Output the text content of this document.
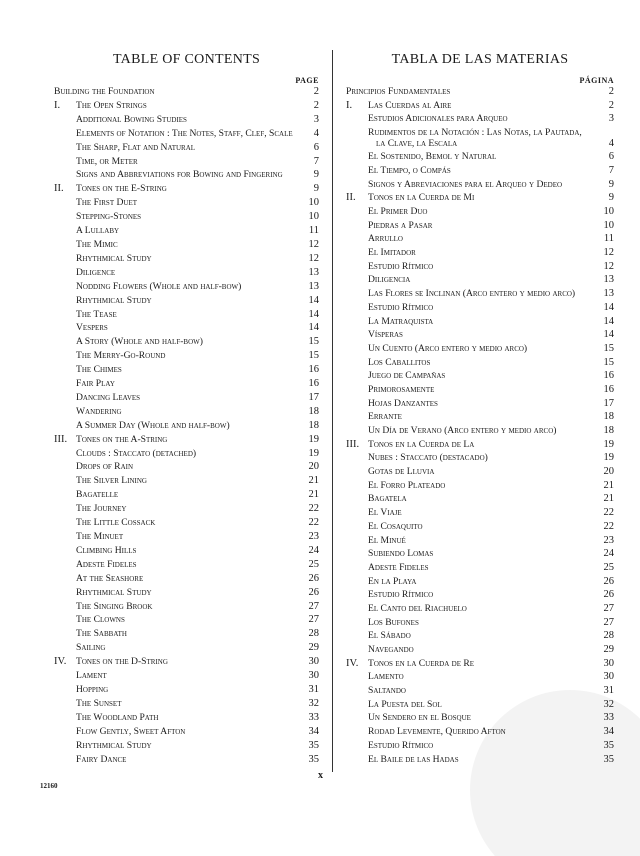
TABLE OF CONTENTS
PAGE
Building the Foundation	2
I.	The Open Strings	2
Additional Bowing Studies	3
Elements of Notation : The Notes, Staff, Clef, Scale	4
The Sharp, Flat and Natural	6
Time, or Meter	7
Signs and Abbreviations for Bowing and Fingering	9
II.	Tones on the E-String	9
The First Duet	10
Stepping-Stones	10
A Lullaby	11
The Mimic	12
Rhythmical Study	12
Diligence	13
Nodding Flowers (Whole and half-bow)	13
Rhythmical Study	14
The Tease	14
Vespers	14
A Story (Whole and half-bow)	15
The Merry-Go-Round	15
The Chimes	16
Fair Play	16
Dancing Leaves	17
Wandering	18
A Summer Day (Whole and half-bow)	18
III. Tones on the A-String	19
Clouds : Staccato (detached)	19
Drops of Rain	20
The Silver Lining	21
Bagatelle	21
The Journey	22
The Little Cossack	22
The Minuet	23
Climbing Hills	24
Adeste Fideles	25
At the Seashore	26
Rhythmical Study	26
The Singing Brook	27
The Clowns	27
The Sabbath	28
Sailing	29
IV.	Tones on the D-String	30
Lament	30
Hopping	31
The Sunset	32
The Woodland Path	33
Flow Gently, Sweet Afton	34
Rhythmical Study	35
Fairy Dance	35
TABLA DE LAS MATERIAS
PÁGINA
Principios Fundamentales	2
I.	Las Cuerdas al Aire	2
Estudios Adicionales para Arqueo	3
Rudimentos de la Notación : Las Notas, la Pautada, la Clave, la Escala	4
El Sostenido, Bemol y Natural	6
El Tiempo, o Compás	7
Signos y Abreviaciones para el Arqueo y Dedeo	9
II.	Tonos en la Cuerda de Mi	9
El Primer Duo	10
Piedras a Pasar	10
Arrullo	11
El Imitador	12
Estudio Rítmico	12
Diligencia	13
Las Flores se Inclinan (Arco entero y medio arco)	13
Estudio Rítmico	14
La Matraquista	14
Vísperas	14
Un Cuento (Arco entero y medio arco)	15
Los Caballitos	15
Juego de Campañas	16
Primorosamente	16
Hojas Danzantes	17
Errante	18
Un Día de Verano (Arco entero y medio arco)	18
III. Tonos en la Cuerda de La	19
Nubes : Staccato (destacado)	19
Gotas de Lluvia	20
El Forro Plateado	21
Bagatela	21
El Viaje	22
El Cosaquito	22
El Minué	23
Subiendo Lomas	24
Adeste Fideles	25
En la Playa	26
Estudio Rítmico	26
El Canto del Riachuelo	27
Los Bufones	27
El Sábado	28
Navegando	29
IV.	Tonos en la Cuerda de Re	30
Lamento	30
Saltando	31
La Puesta del Sol	32
Un Sendero en el Bosque	33
Rodad Levemente, Querido Afton	34
Estudio Rítmico	35
El Baile de las Hadas	35
12160
x
